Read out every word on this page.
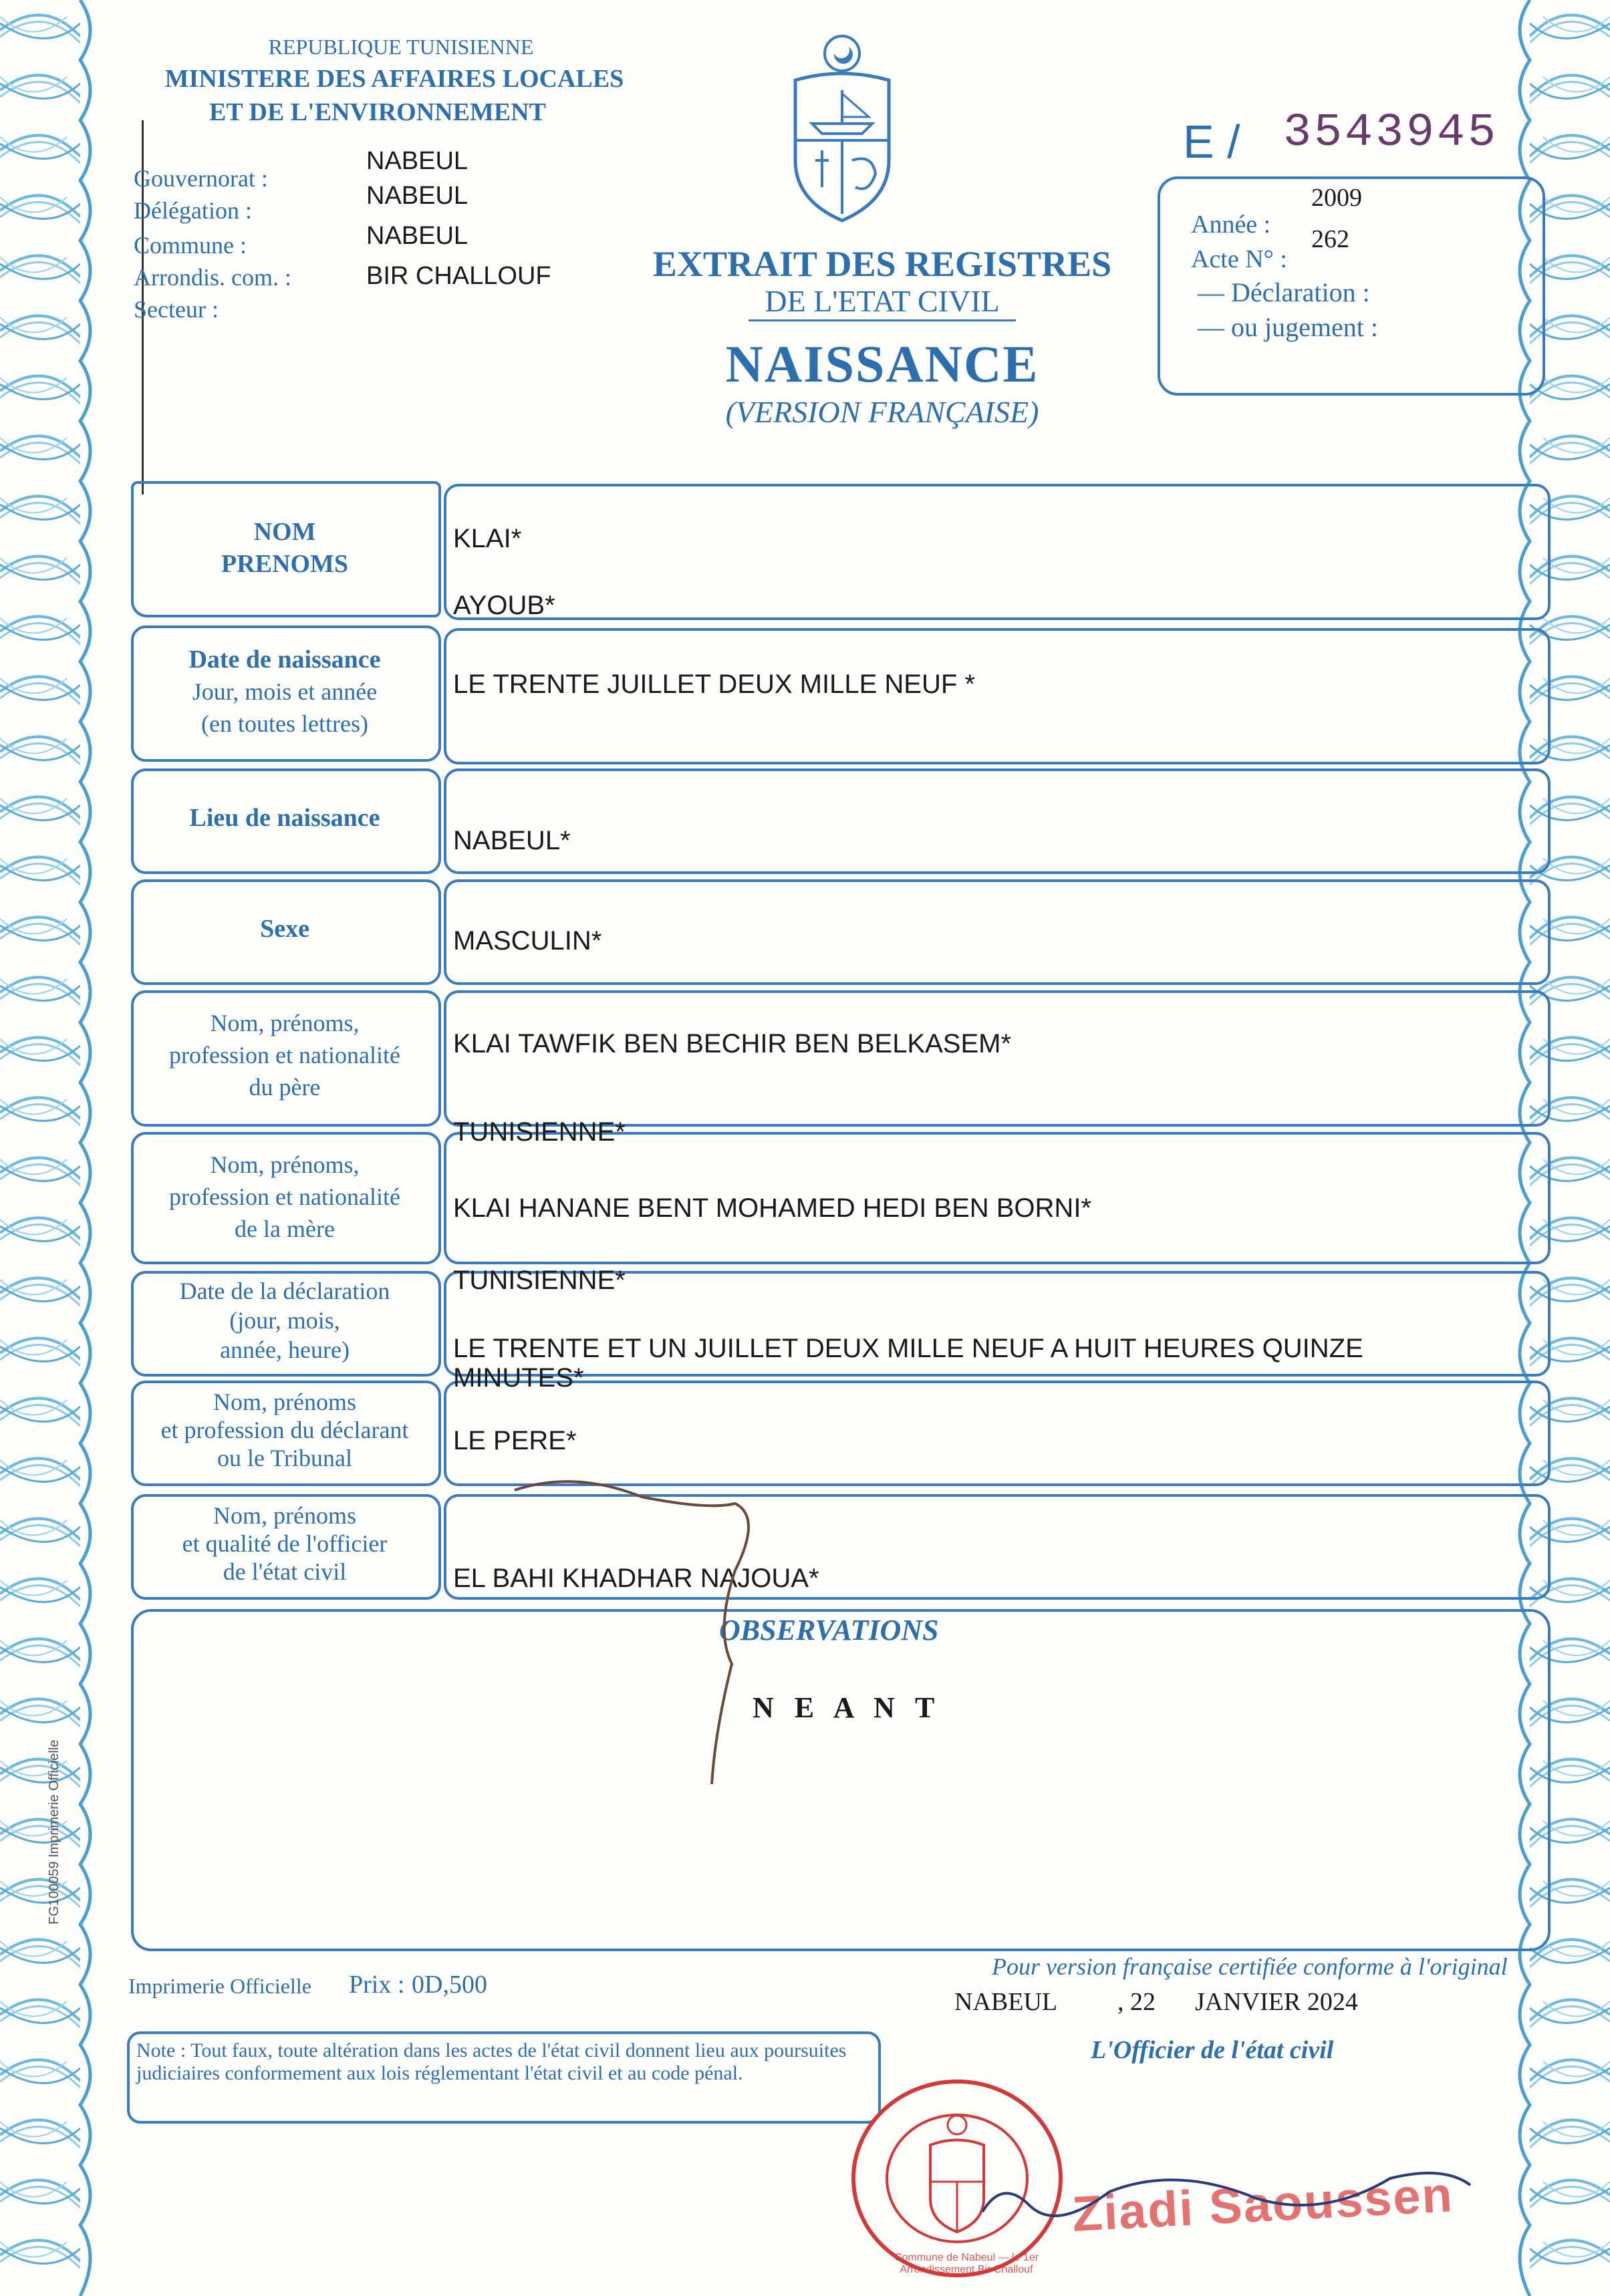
REPUBLIQUE TUNISIENNE
MINISTERE DES AFFAIRES LOCALES
ET DE L'ENVIRONNEMENT
Gouvernorat :
Délégation :
Commune :
Arrondis. com. :
Secteur :
NABEUL
NABEUL
NABEUL
BIR CHALLOUF
E / 3543945
Année :
2009
Acte N° :
262
— Déclaration :
— ou jugement :
EXTRAIT DES REGISTRES
DE L'ETAT CIVIL
NAISSANCE
(VERSION FRANÇAISE)
NOM
PRENOMS
Date de naissance
Jour, mois et année
(en toutes lettres)
Lieu de naissance
Sexe
Nom, prénoms,
profession et nationalité
du père
Nom, prénoms,
profession et nationalité
de la mère
Date de la déclaration
(jour, mois,
année, heure)
Nom, prénoms
et profession du déclarant
ou le Tribunal
Nom, prénoms
et qualité de l'officier
de l'état civil
KLAI*
AYOUB*
LE TRENTE JUILLET DEUX MILLE NEUF *
NABEUL*
MASCULIN*
KLAI TAWFIK BEN BECHIR BEN BELKASEM*
TUNISIENNE*
KLAI HANANE BENT MOHAMED HEDI BEN BORNI*
TUNISIENNE*
LE TRENTE ET UN JUILLET DEUX MILLE NEUF A HUIT HEURES QUINZE
MINUTES*
LE PERE*
EL BAHI KHADHAR NAJOUA*
OBSERVATIONS
N E A N T
FG100059 Imprimerie Officielle
Imprimerie Officielle Prix : 0D,500
Pour version française certifiée conforme à l'original
NABEUL , 22 JANVIER 2024
L'Officier de l'état civil
Note : Tout faux, toute altération dans les actes de l'état civil donnent lieu aux poursuites judiciaires conformement aux lois réglementant l'état civil et au code pénal.
Commune de Nabeul — le 1er Arrondissement Bir Challouf
Ziadi Saoussen
